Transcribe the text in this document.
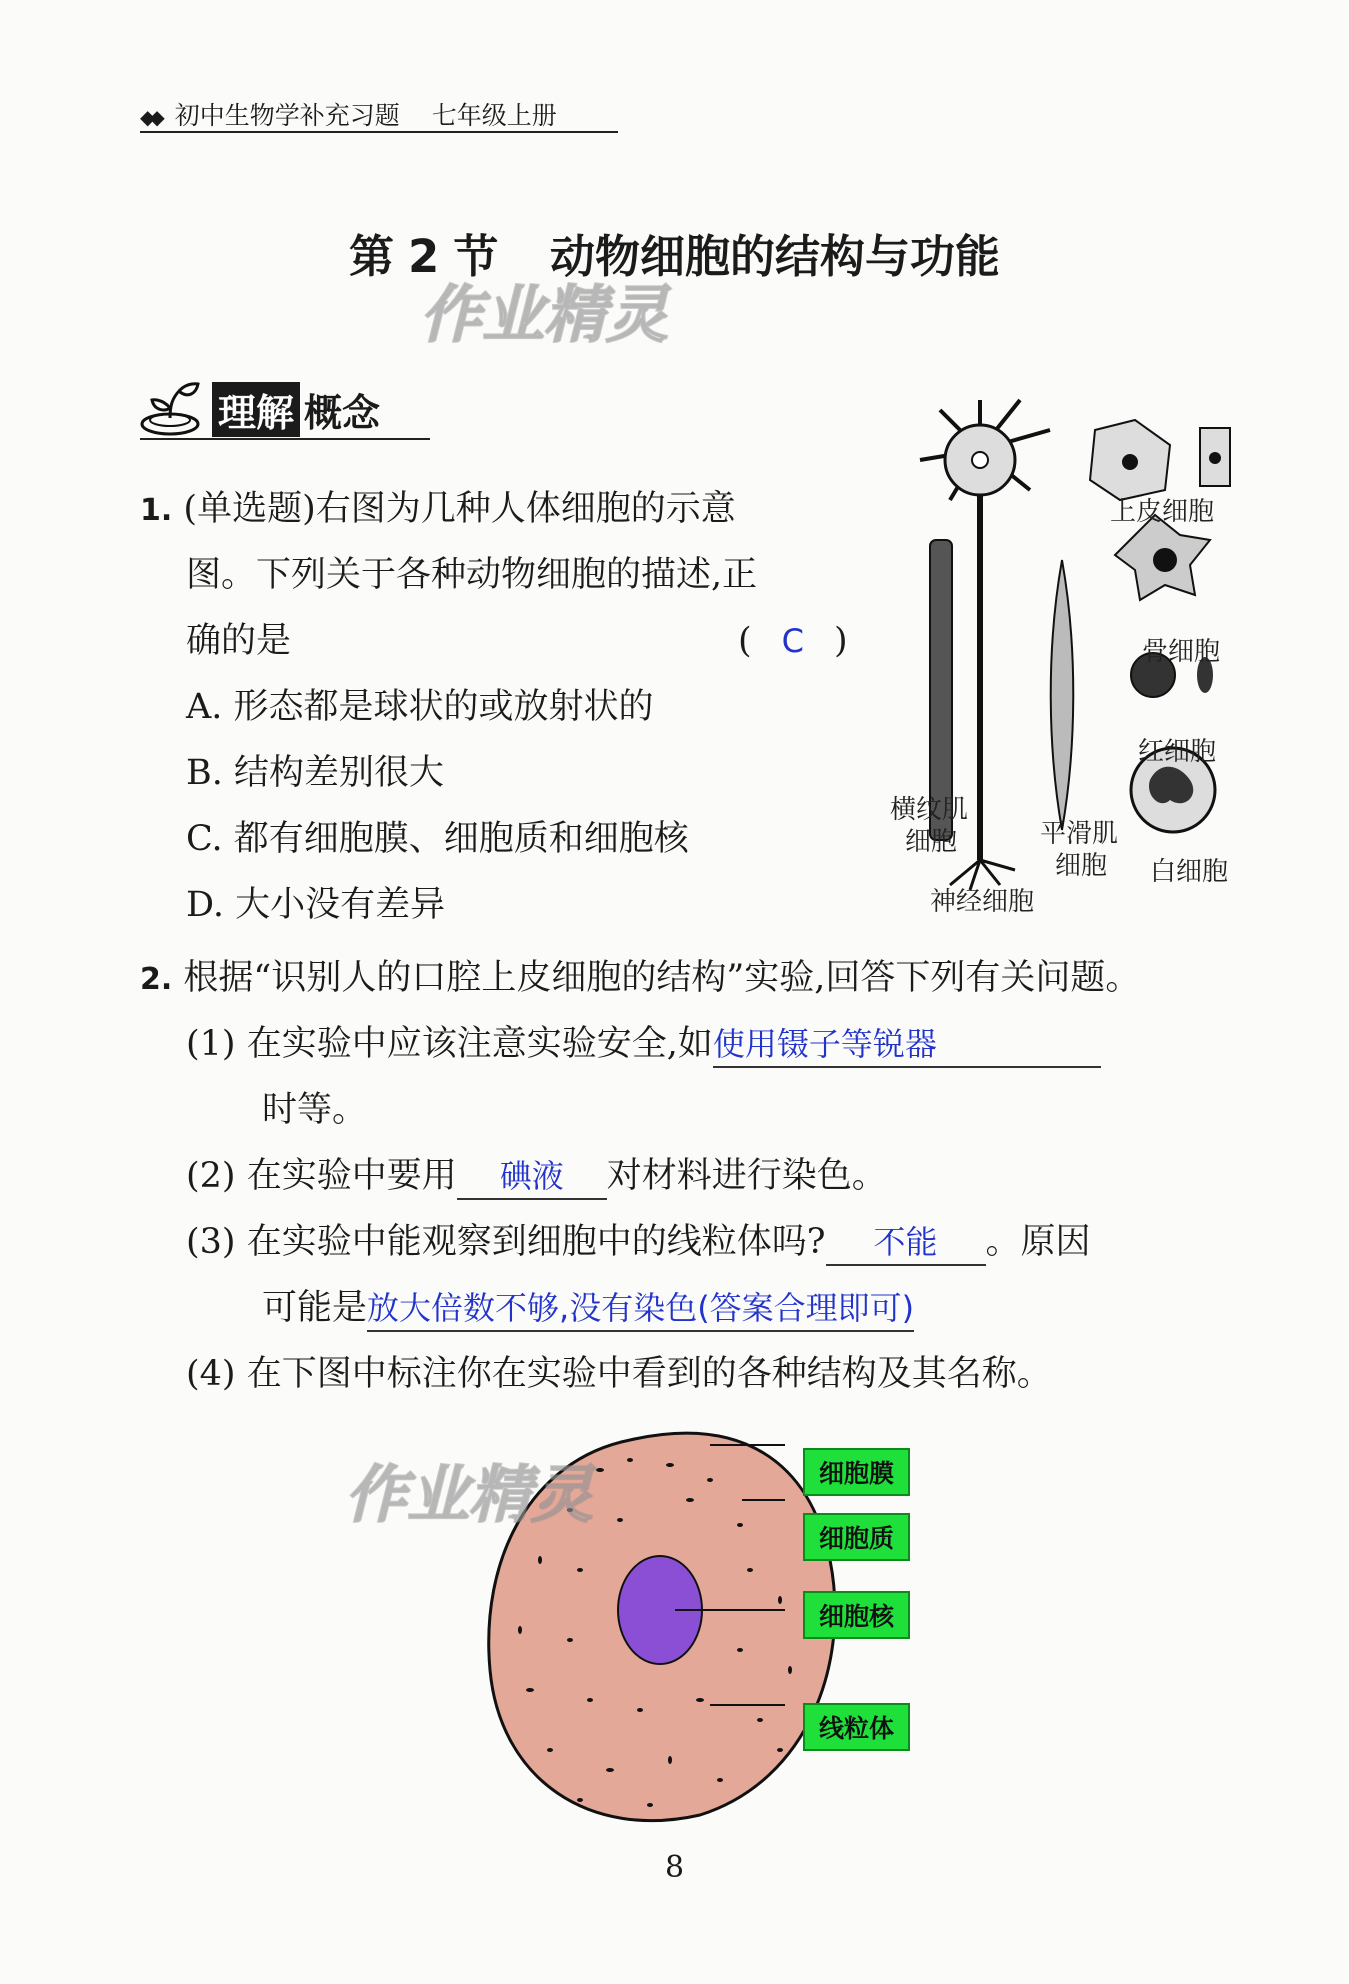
◆◆ 初中生物学补充习题 七年级上册
第 2 节 动物细胞的结构与功能
作业精灵
理解 概念
1. (单选题)右图为几种人体细胞的示意
图。下列关于各种动物细胞的描述,正
确的是	( C )
A. 形态都是球状的或放射状的
B. 结构差别很大
C. 都有细胞膜、细胞质和细胞核
D. 大小没有差异
上皮细胞
骨细胞
红细胞
横纹肌
细胞	平滑肌
细胞 白细胞
神经细胞
2. 根据“识别人的口腔上皮细胞的结构”实验,回答下列有关问题。
(1) 在实验中应该注意实验安全,如使用镊子等锐器
时等。
(2) 在实验中要用 碘液 对材料进行染色。
(3) 在实验中能观察到细胞中的线粒体吗? 不能 。原因
可能是放大倍数不够,没有染色(答案合理即可)
(4) 在下图中标注你在实验中看到的各种结构及其名称。
细胞膜
细胞质
细胞核
线粒体
作业精灵
8
